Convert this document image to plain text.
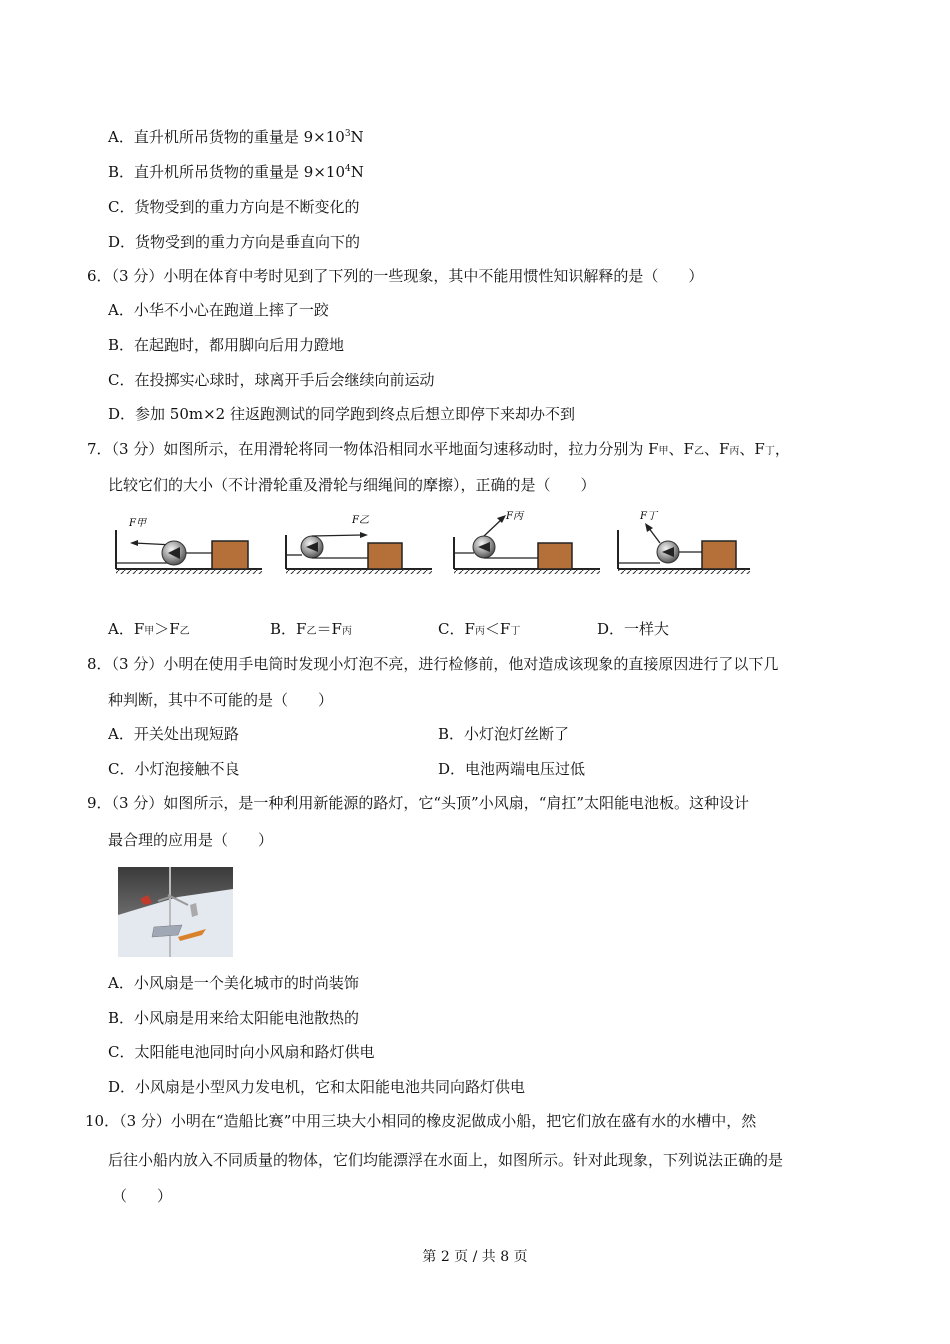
A．直升机所吊货物的重量是 $9\times 10^3N$
B．直升机所吊货物的重量是 $9\times 10^4N$
C．货物受到的重力方向是不断变化的
D．货物受到的重力方向是垂直向下的
6．（3 分）小明在体育中考时见到了下列的一些现象，其中不能用惯性知识解释的是（　　）
A．小华不小心在跑道上摔了一跤
B．在起跑时，都用脚向后用力蹬地
C．在投掷实心球时，球离开手后会继续向前运动
D．参加 50m×2 往返跑测试的同学跑到终点后想立即停下来却办不到
7．（3 分）如图所示，在用滑轮将同一物体沿相同水平地面匀速移动时，拉力分别为 F甲、F乙、F丙、F丁，
比较它们的大小（不计滑轮重及滑轮与细绳间的摩擦），正确的是（　　）
F甲	F乙	F丙	F丁
A．F甲＞F乙	B．F乙＝F丙	C．F丙＜F丁	D．一样大
8．（3 分）小明在使用手电筒时发现小灯泡不亮，进行检修前，他对造成该现象的直接原因进行了以下几
种判断，其中不可能的是（　　）
A．开关处出现短路	B．小灯泡灯丝断了
C．小灯泡接触不良	D．电池两端电压过低
9．（3 分）如图所示，是一种利用新能源的路灯，它“头顶”小风扇，“肩扛”太阳能电池板。这种设计
最合理的应用是（　　）
A．小风扇是一个美化城市的时尚装饰
B．小风扇是用来给太阳能电池散热的
C．太阳能电池同时向小风扇和路灯供电
D．小风扇是小型风力发电机，它和太阳能电池共同向路灯供电
10．（3 分）小明在“造船比赛”中用三块大小相同的橡皮泥做成小船，把它们放在盛有水的水槽中，然
后往小船内放入不同质量的物体，它们均能漂浮在水面上，如图所示。针对此现象，下列说法正确的是
（　　）
第 2 页 / 共 8 页
